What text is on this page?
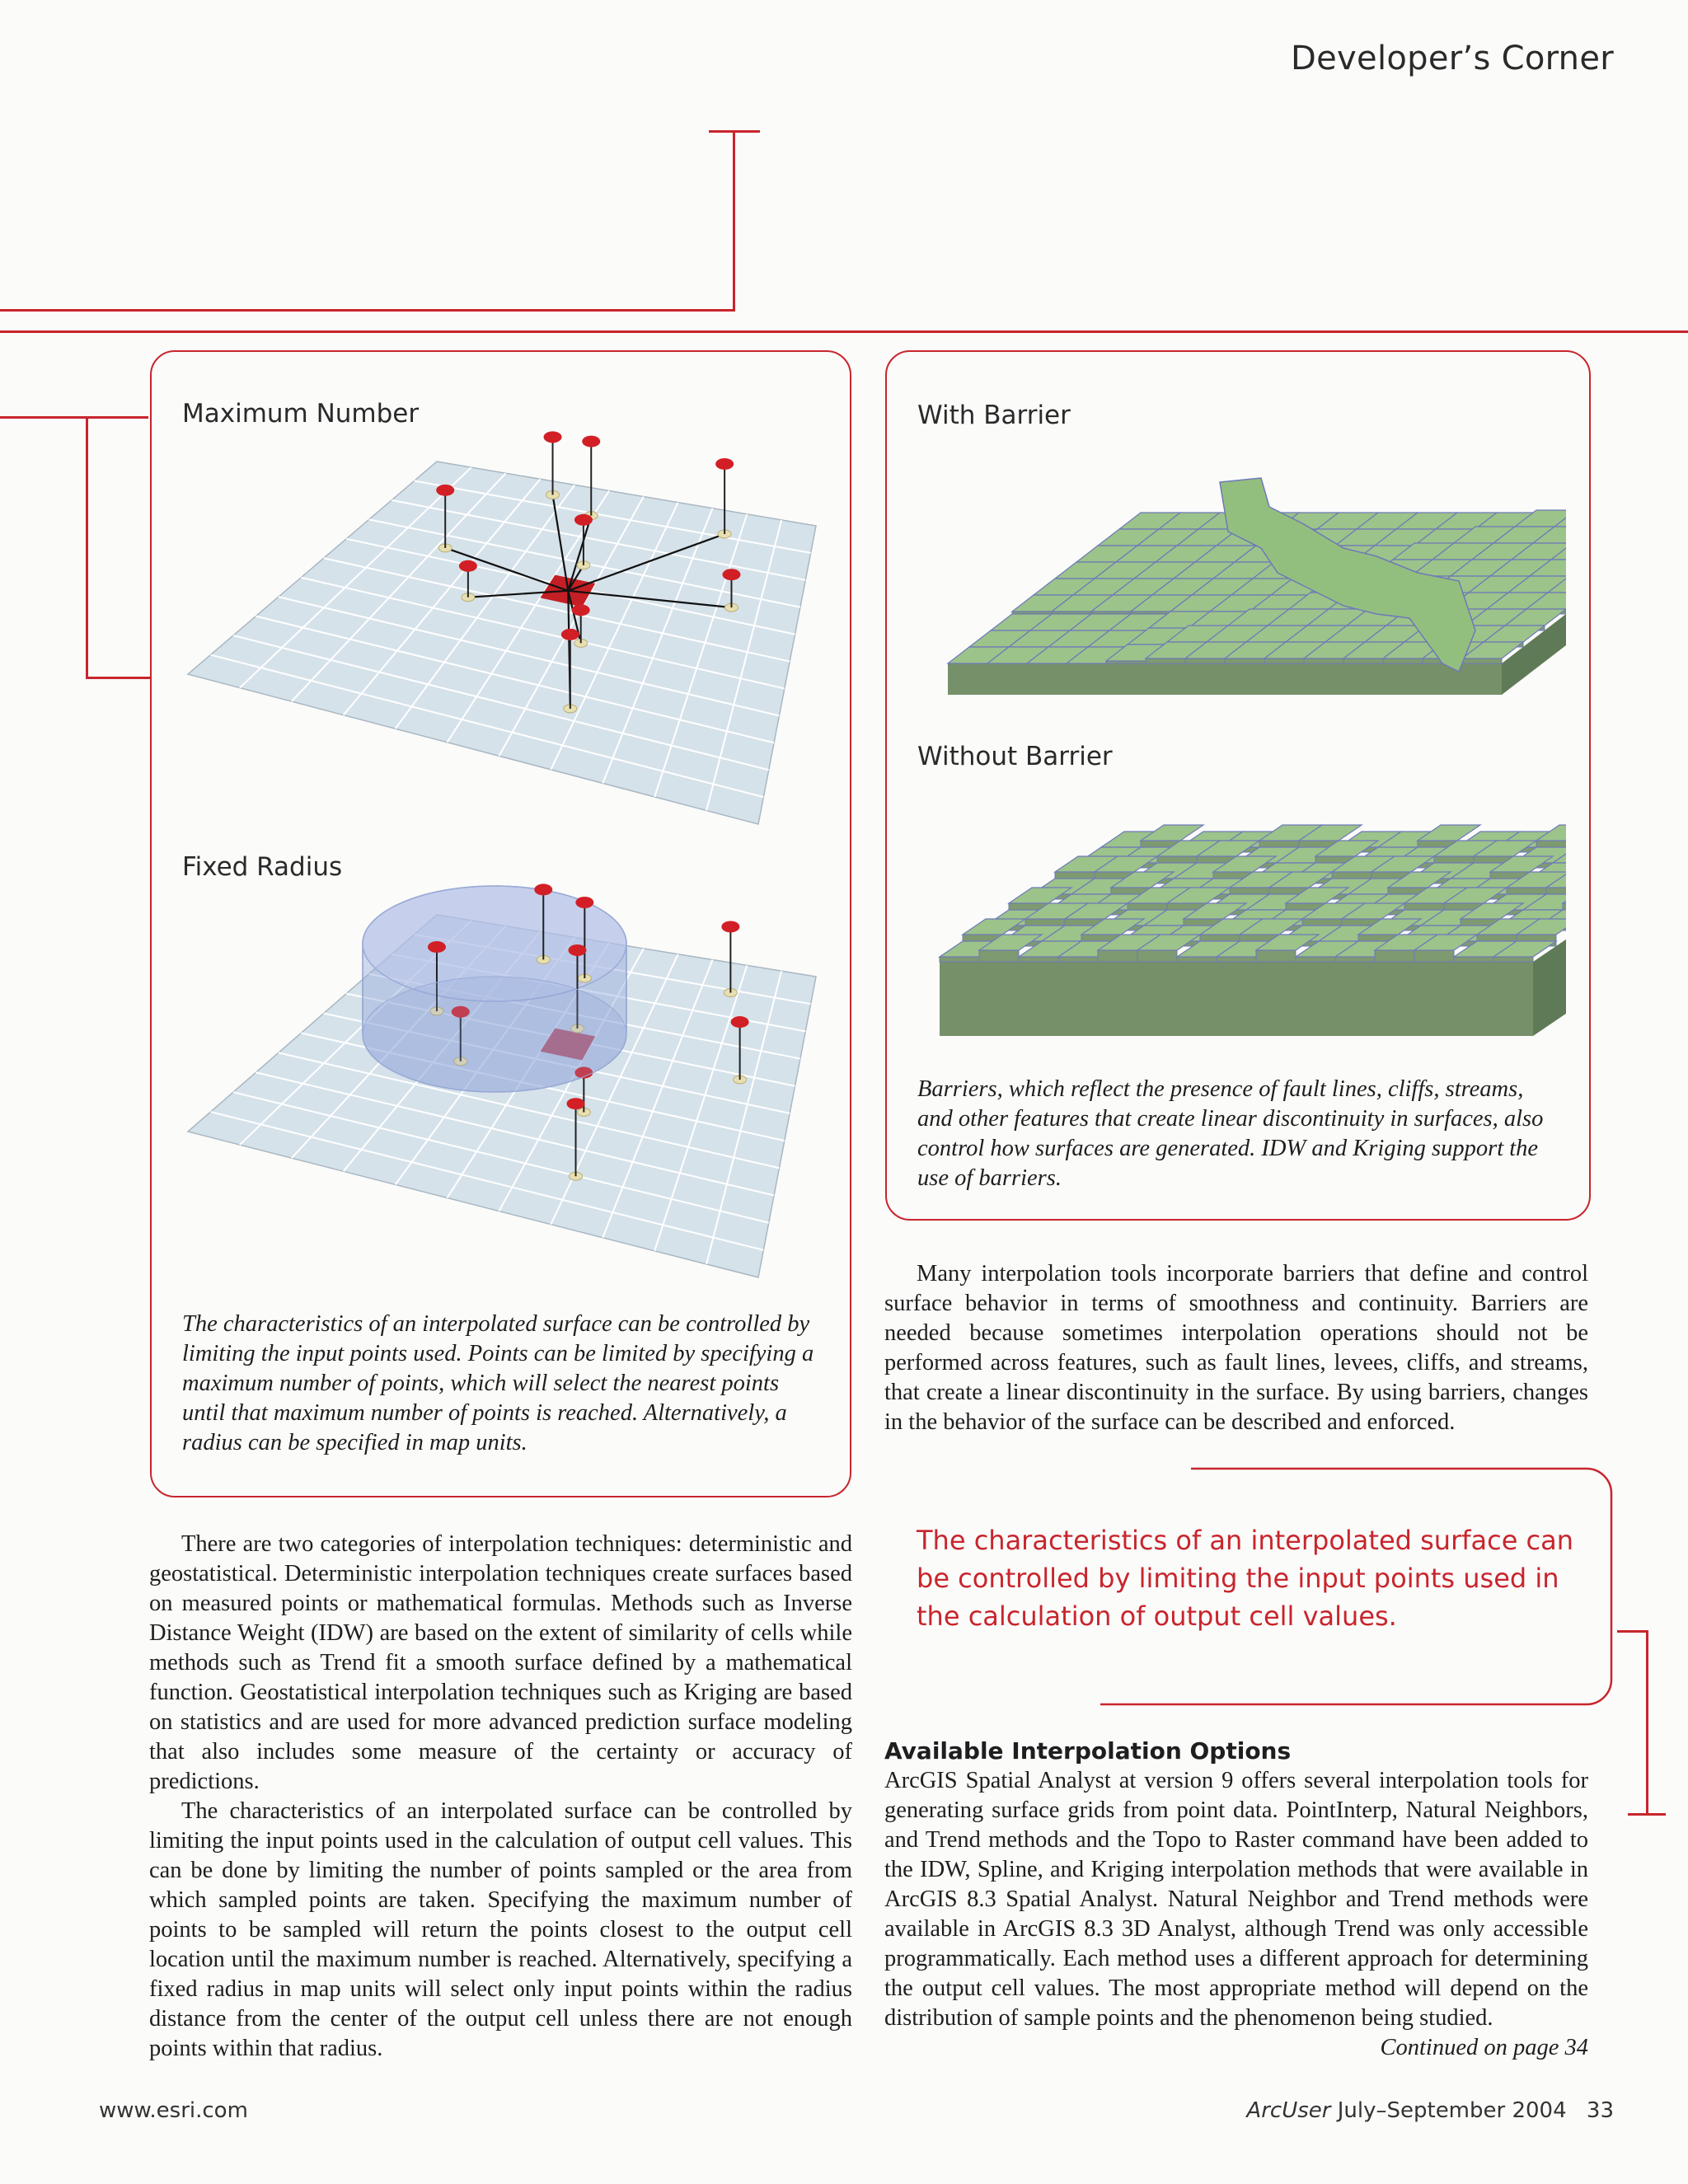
Developer’s Corner
Maximum Number
Fixed Radius
The characteristics of an interpolated surface can be controlled by limiting the input points used. Points can be limited by specifying a maximum number of points, which will select the nearest points until that maximum number of points is reached. Alternatively, a radius can be specified in map units.
With Barrier
Without Barrier
Barriers, which reflect the presence of fault lines, cliffs, streams, and other features that create linear discontinuity in surfaces, also control how surfaces are generated. IDW and Kriging support the use of barriers.

Many interpolation tools incorporate barriers that define and control surface behavior in terms of smoothness and continuity. Barriers are needed because sometimes interpolation operations should not be performed across features, such as fault lines, levees, cliffs, and streams, that create a linear discontinuity in the surface. By using barriers, changes in the behavior of the surface can be described and enforced.

The characteristics of an interpolated surface can be controlled by limiting the input points used in the calculation of output cell values.
Available Interpolation Options

ArcGIS Spatial Analyst at version 9 offers several interpolation tools for generating surface grids from point data. PointInterp, Natural Neighbors, and Trend methods and the Topo to Raster command have been added to the IDW, Spline, and Kriging interpolation methods that were available in ArcGIS 8.3 Spatial Analyst. Natural Neighbor and Trend methods were available in ArcGIS 8.3 3D Analyst, although Trend was only accessible programmatically. Each method uses a different approach for determining the output cell values. The most appropriate method will depend on the distribution of sample points and the phenomenon being studied.

Continued on page 34

There are two categories of interpolation techniques: deterministic and geostatistical. Deterministic interpolation techniques create surfaces based on measured points or mathematical formulas. Methods such as Inverse Distance Weight (IDW) are based on the extent of similarity of cells while methods such as Trend fit a smooth surface defined by a mathematical function. Geostatistical interpolation techniques such as Kriging are based on statistics and are used for more advanced prediction surface modeling that also includes some measure of the certainty or accuracy of predictions.

The characteristics of an interpolated surface can be controlled by limiting the input points used in the calculation of output cell values. This can be done by limiting the number of points sampled or the area from which sampled points are taken. Specifying the maximum number of points to be sampled will return the points closest to the output cell location until the maximum number is reached. Alternatively, specifying a fixed radius in map units will select only input points within the radius distance from the center of the output cell unless there are not enough points within that radius.

www.esri.com	ArcUser July–September 2004 33
